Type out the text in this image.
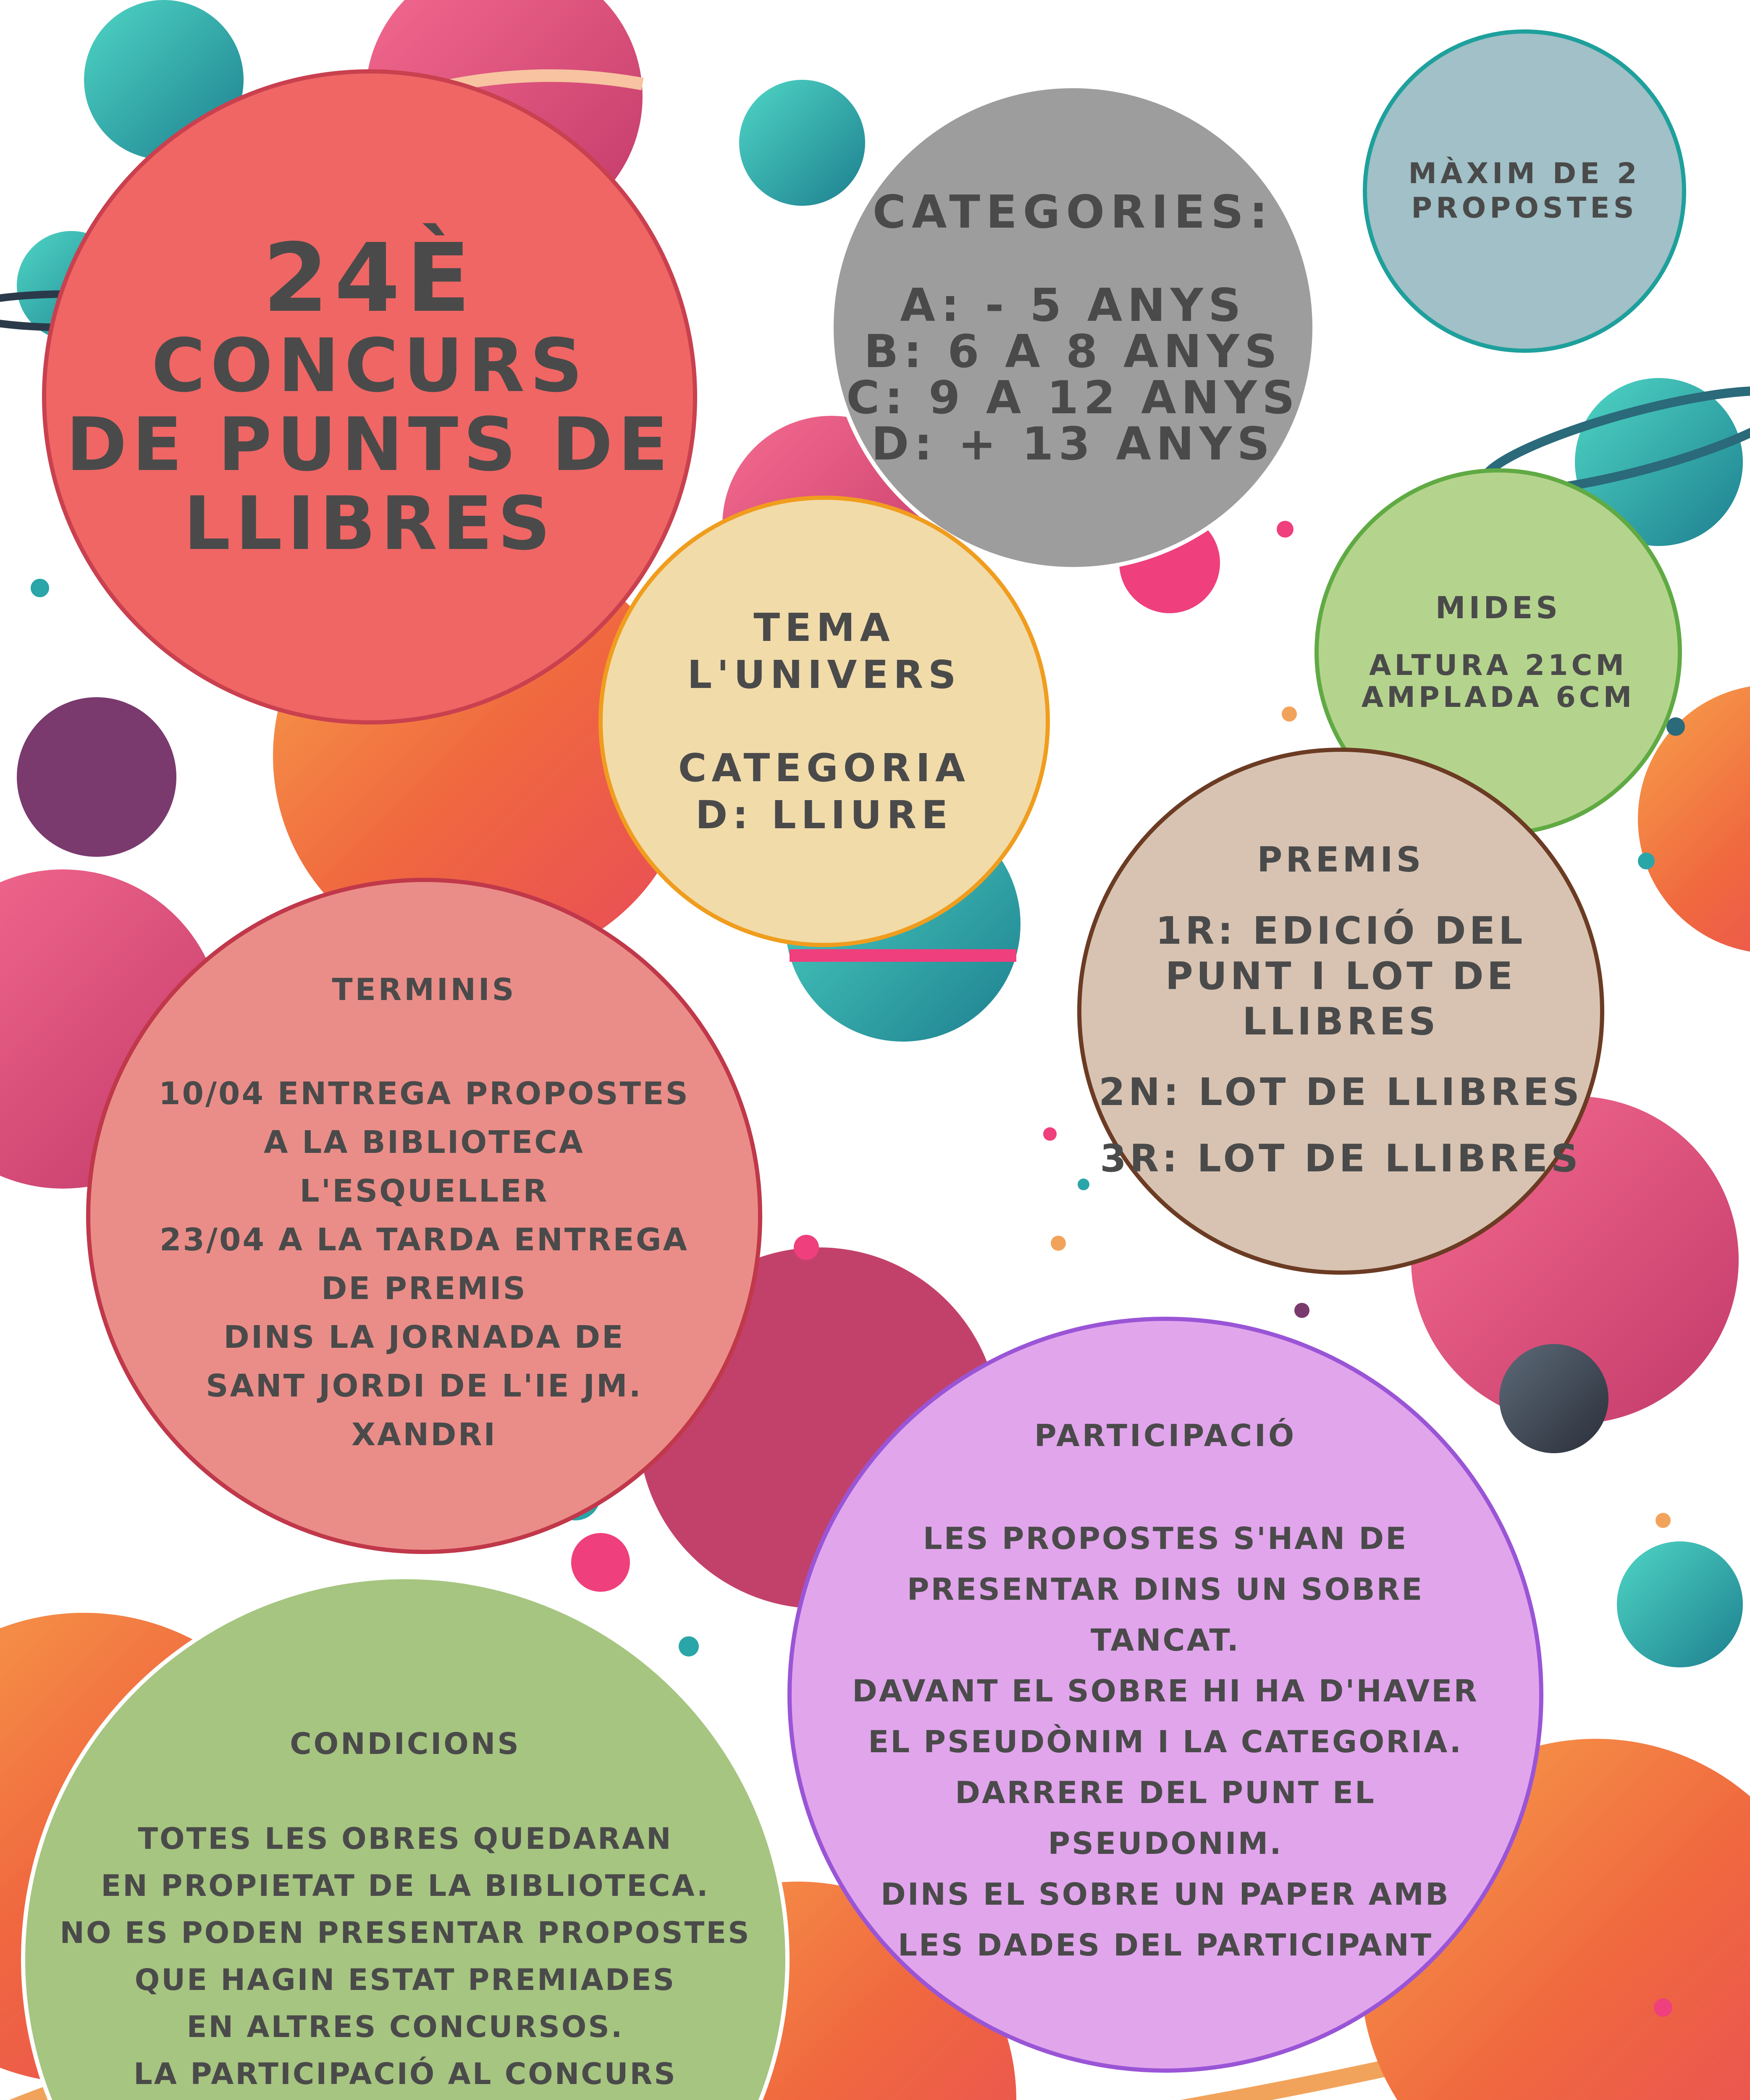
24È
CONCURS
DE PUNTS DE
LLIBRES
CATEGORIES:
A: - 5 ANYS
B: 6 A 8 ANYS
C: 9 A 12 ANYS
D: + 13 ANYS
MÀXIM DE 2
PROPOSTES
TEMA
L'UNIVERS
CATEGORIA
D: LLIURE
MIDES
ALTURA 21CM
AMPLADA 6CM
PREMIS
1R: EDICIÓ DEL
PUNT I LOT DE
LLIBRES
2N: LOT DE LLIBRES
3R: LOT DE LLIBRES
TERMINIS
10/04 ENTREGA PROPOSTES
A LA BIBLIOTECA
L'ESQUELLER
23/04 A LA TARDA ENTREGA
DE PREMIS
DINS LA JORNADA DE
SANT JORDI DE L'IE JM.
XANDRI	PARTICIPACIÓ
LES PROPOSTES S'HAN DE
PRESENTAR DINS UN SOBRE
TANCAT.
DAVANT EL SOBRE HI HA D'HAVER
EL PSEUDÒNIM I LA CATEGORIA.
DARRERE DEL PUNT EL
PSEUDONIM.
DINS EL SOBRE UN PAPER AMB
LES DADES DEL PARTICIPANT
CONDICIONS
TOTES LES OBRES QUEDARAN
EN PROPIETAT DE LA BIBLIOTECA.
NO ES PODEN PRESENTAR PROPOSTES
QUE HAGIN ESTAT PREMIADES
EN ALTRES CONCURSOS.
LA PARTICIPACIÓ AL CONCURS
